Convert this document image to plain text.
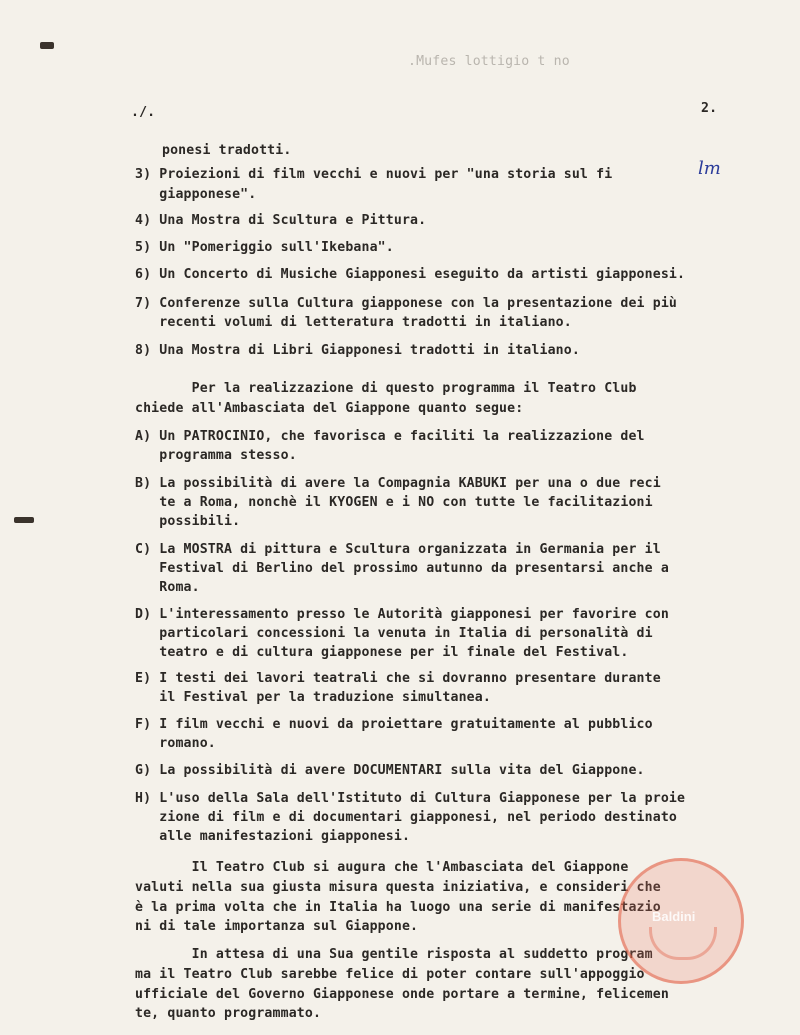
.Mufes lottigio t no
./.	2.
ponesi tradotti.
3) Proiezioni di film vecchi e nuovi per "una storia sul fi	lm
giapponese".
4) Una Mostra di Scultura e Pittura.
5) Un "Pomeriggio sull'Ikebana".
6) Un Concerto di Musiche Giapponesi eseguito da artisti giapponesi.
7) Conferenze sulla Cultura giapponese con la presentazione dei più
recenti volumi di letteratura tradotti in italiano.
8) Una Mostra di Libri Giapponesi tradotti in italiano.
Per la realizzazione di questo programma il Teatro Club
chiede all'Ambasciata del Giappone quanto segue:
A) Un PATROCINIO, che favorisca e faciliti la realizzazione del
programma stesso.
B) La possibilità di avere la Compagnia KABUKI per una o due reci
te a Roma, nonchè il KYOGEN e i NO con tutte le facilitazioni
possibili.
C) La MOSTRA di pittura e Scultura organizzata in Germania per il
Festival di Berlino del prossimo autunno da presentarsi anche a
Roma.
D) L'interessamento presso le Autorità giapponesi per favorire con
particolari concessioni la venuta in Italia di personalità di
teatro e di cultura giapponese per il finale del Festival.
E) I testi dei lavori teatrali che si dovranno presentare durante
il Festival per la traduzione simultanea.
F) I film vecchi e nuovi da proiettare gratuitamente al pubblico
romano.
G) La possibilità di avere DOCUMENTARI sulla vita del Giappone.
H) L'uso della Sala dell'Istituto di Cultura Giapponese per la proie
zione di film e di documentari giapponesi, nel periodo destinato
alle manifestazioni giapponesi.
Il Teatro Club si augura che l'Ambasciata del Giappone
valuti nella sua giusta misura questa iniziativa, e consideri che
è la prima volta che in Italia ha luogo una serie di manifestazio
ni di tale importanza sul Giappone.
In attesa di una Sua gentile risposta al suddetto program
ma il Teatro Club sarebbe felice di poter contare sull'appoggio
ufficiale del Governo Giapponese onde portare a termine, felicemen
te, quanto programmato.
Baldini
